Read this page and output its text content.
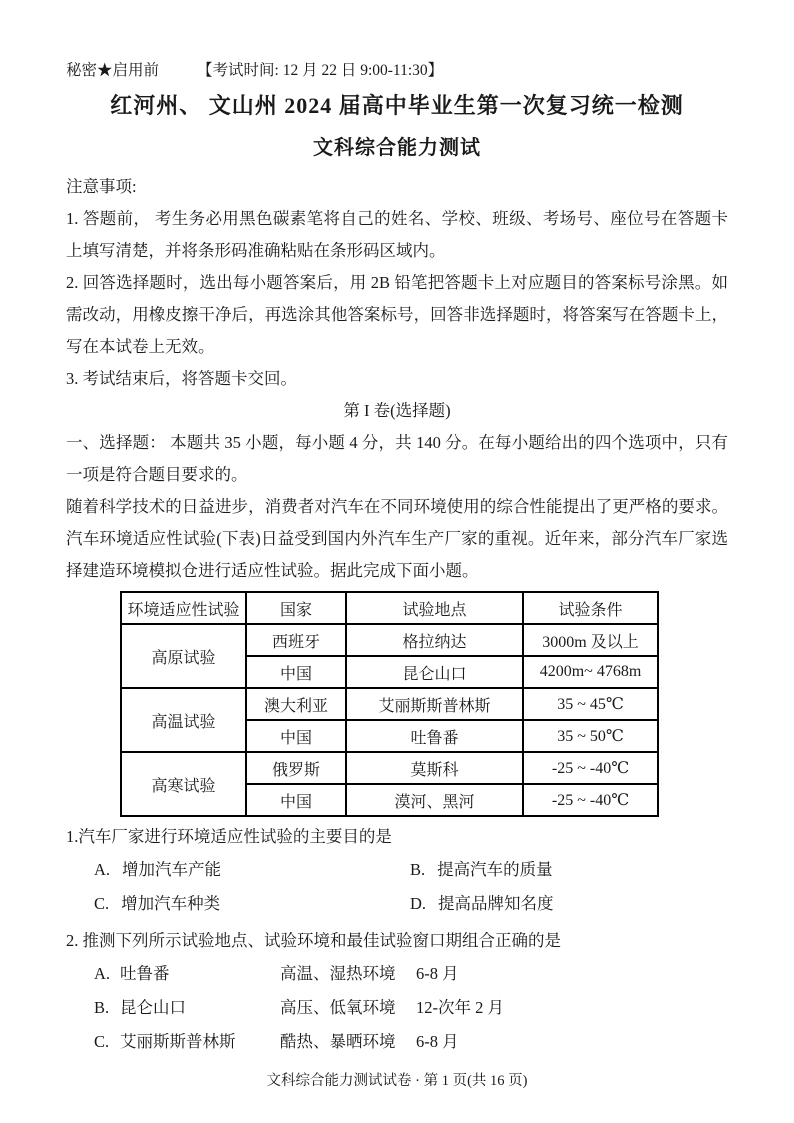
秘密★启用前 【考试时间: 12 月 22 日 9:00-11:30】
红河州、 文山州 2024 届高中毕业生第一次复习统一检测
文科综合能力测试
注意事项:
1. 答题前， 考生务必用黑色碳素笔将自己的姓名、学校、班级、考场号、座位号在答题卡上填写清楚，并将条形码准确粘贴在条形码区域内。
2. 回答选择题时，选出每小题答案后，用 2B 铅笔把答题卡上对应题目的答案标号涂黑。如需改动，用橡皮擦干净后，再选涂其他答案标号，回答非选择题时，将答案写在答题卡上，写在本试卷上无效。
3. 考试结束后，将答题卡交回。
第 I 卷(选择题)
一、选择题： 本题共 35 小题，每小题 4 分，共 140 分。在每小题给出的四个选项中，只有一项是符合题目要求的。
随着科学技术的日益进步，消费者对汽车在不同环境使用的综合性能提出了更严格的要求。汽车环境适应性试验(下表)日益受到国内外汽车生产厂家的重视。近年来，部分汽车厂家选择建造环境模拟仓进行适应性试验。据此完成下面小题。
环境适应性试验	国家	试验地点	试验条件
高原试验	西班牙	格拉纳达	3000m 及以上
	中国	昆仑山口	4200m~ 4768m
高温试验	澳大利亚	艾丽斯斯普林斯	35 ~ 45℃
	中国	吐鲁番	35 ~ 50℃
高寒试验	俄罗斯	莫斯科	-25 ~ -40℃
	中国	漠河、黑河	-25 ~ -40℃
1.汽车厂家进行环境适应性试验的主要目的是
A. 增加汽车产能	B. 提高汽车的质量
C. 增加汽车种类	D. 提高品牌知名度
2. 推测下列所示试验地点、试验环境和最佳试验窗口期组合正确的是
A. 吐鲁番	高温、湿热环境	6-8 月
B. 昆仑山口	高压、低氧环境	12-次年 2 月
C. 艾丽斯斯普林斯	酷热、暴晒环境	6-8 月
文科综合能力测试试卷 · 第 1 页(共 16 页)
